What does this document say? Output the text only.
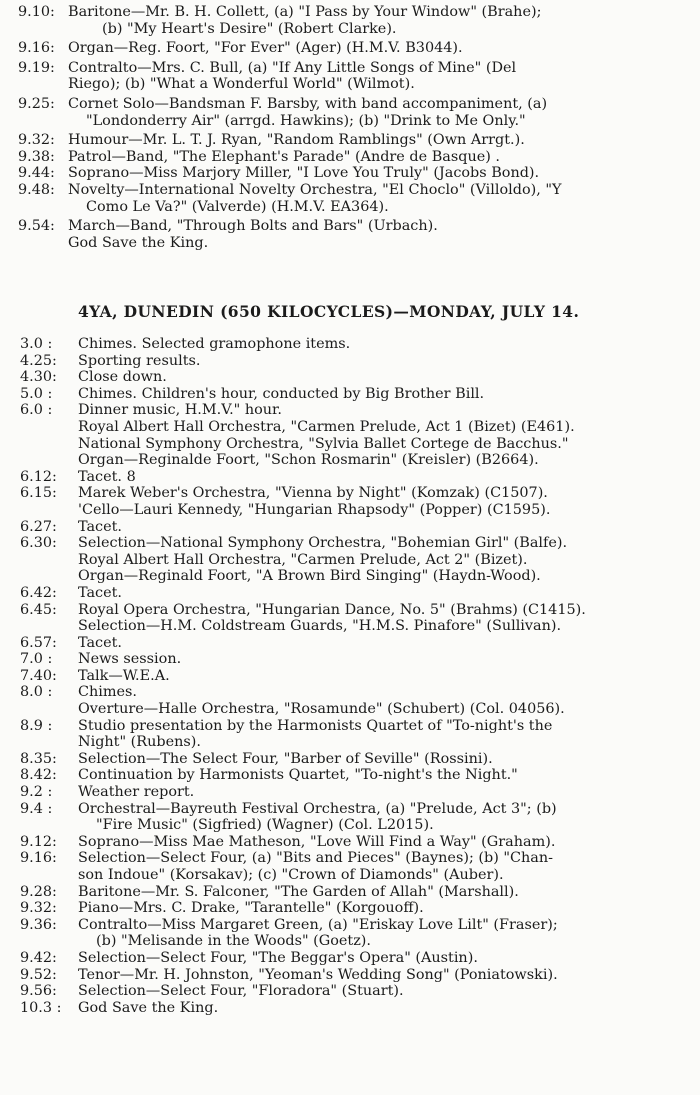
9.10: Baritone—Mr. B. H. Collett, (a) "I Pass by Your Window" (Brahe);
(b) "My Heart's Desire" (Robert Clarke).
9.16: Organ—Reg. Foort, "For Ever" (Ager) (H.M.V. B3044).
9.19: Contralto—Mrs. C. Bull, (a) "If Any Little Songs of Mine" (Del
Riego); (b) "What a Wonderful World" (Wilmot).
9.25: Cornet Solo—Bandsman F. Barsby, with band accompaniment, (a)
"Londonderry Air" (arrgd. Hawkins); (b) "Drink to Me Only."
9.32: Humour—Mr. L. T. J. Ryan, "Random Ramblings" (Own Arrgt.).
9.38: Patrol—Band, "The Elephant's Parade" (Andre de Basque) .
9.44: Soprano—Miss Marjory Miller, "I Love You Truly" (Jacobs Bond).
9.48: Novelty—International Novelty Orchestra, "El Choclo" (Villoldo), "Y
Como Le Va?" (Valverde) (H.M.V. EA364).
9.54: March—Band, "Through Bolts and Bars" (Urbach).
God Save the King.
4YA, DUNEDIN (650 KILOCYCLES)—MONDAY, JULY 14.
3.0 :	Chimes. Selected gramophone items.
4.25:	Sporting results.
4.30:	Close down.
5.0 :	Chimes. Children's hour, conducted by Big Brother Bill.
6.0 :	Dinner music, H.M.V." hour.
Royal Albert Hall Orchestra, "Carmen Prelude, Act 1 (Bizet) (E461).
National Symphony Orchestra, "Sylvia Ballet Cortege de Bacchus."
Organ—Reginalde Foort, "Schon Rosmarin" (Kreisler) (B2664).
6.12:	Tacet. 8
6.15:	Marek Weber's Orchestra, "Vienna by Night" (Komzak) (C1507).
'Cello—Lauri Kennedy, "Hungarian Rhapsody" (Popper) (C1595).
6.27:	Tacet.
6.30:	Selection—National Symphony Orchestra, "Bohemian Girl" (Balfe).
Royal Albert Hall Orchestra, "Carmen Prelude, Act 2" (Bizet).
Organ—Reginald Foort, "A Brown Bird Singing" (Haydn-Wood).
6.42:	Tacet.
6.45:	Royal Opera Orchestra, "Hungarian Dance, No. 5" (Brahms) (C1415).
Selection—H.M. Coldstream Guards, "H.M.S. Pinafore" (Sullivan).
6.57:	Tacet.
7.0 :	News session.
7.40:	Talk—W.E.A.
8.0 :	Chimes.
Overture—Halle Orchestra, "Rosamunde" (Schubert) (Col. 04056).
8.9 :	Studio presentation by the Harmonists Quartet of "To-night's the
Night" (Rubens).
8.35:	Selection—The Select Four, "Barber of Seville" (Rossini).
8.42:	Continuation by Harmonists Quartet, "To-night's the Night."
9.2 :	Weather report.
9.4 :	Orchestral—Bayreuth Festival Orchestra, (a) "Prelude, Act 3"; (b)
"Fire Music" (Sigfried) (Wagner) (Col. L2015).
9.12:	Soprano—Miss Mae Matheson, "Love Will Find a Way" (Graham).
9.16:	Selection—Select Four, (a) "Bits and Pieces" (Baynes); (b) "Chan-
son Indoue" (Korsakav); (c) "Crown of Diamonds" (Auber).
9.28:	Baritone—Mr. S. Falconer, "The Garden of Allah" (Marshall).
9.32:	Piano—Mrs. C. Drake, "Tarantelle" (Korgouoff).
9.36:	Contralto—Miss Margaret Green, (a) "Eriskay Love Lilt" (Fraser);
(b) "Melisande in the Woods" (Goetz).
9.42:	Selection—Select Four, "The Beggar's Opera" (Austin).
9.52:	Tenor—Mr. H. Johnston, "Yeoman's Wedding Song" (Poniatowski).
9.56:	Selection—Select Four, "Floradora" (Stuart).
10.3 :	God Save the King.
